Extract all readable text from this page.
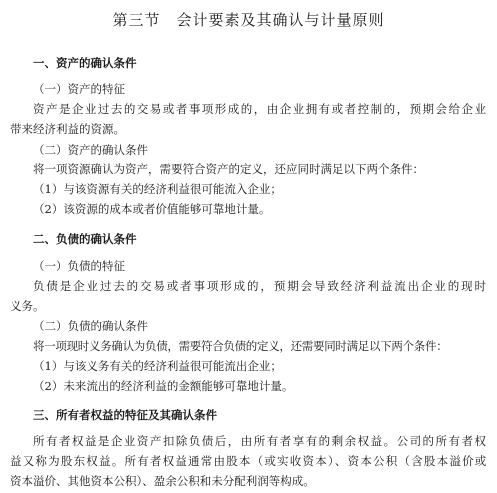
第三节　会计要素及其确认与计量原则
一、资产的确认条件
（一）资产的特征
资产是企业过去的交易或者事项形成的，由企业拥有或者控制的，预期会给企业
带来经济利益的资源。
（二）资产的确认条件
将一项资源确认为资产，需要符合资产的定义，还应同时满足以下两个条件：
（1）与该资源有关的经济利益很可能流入企业；
（2）该资源的成本或者价值能够可靠地计量。
二、负债的确认条件
（一）负债的特征
负债是企业过去的交易或者事项形成的，预期会导致经济利益流出企业的现时
义务。
（二）负债的确认条件
将一项现时义务确认为负债，需要符合负债的定义，还需要同时满足以下两个条件：
（1）与该义务有关的经济利益很可能流出企业；
（2）未来流出的经济利益的金额能够可靠地计量。
三、所有者权益的特征及其确认条件
所有者权益是企业资产扣除负债后，由所有者享有的剩余权益。公司的所有者权
益又称为股东权益。所有者权益通常由股本（或实收资本）、资本公积（含股本溢价或
资本溢价、其他资本公积）、盈余公积和未分配利润等构成。
